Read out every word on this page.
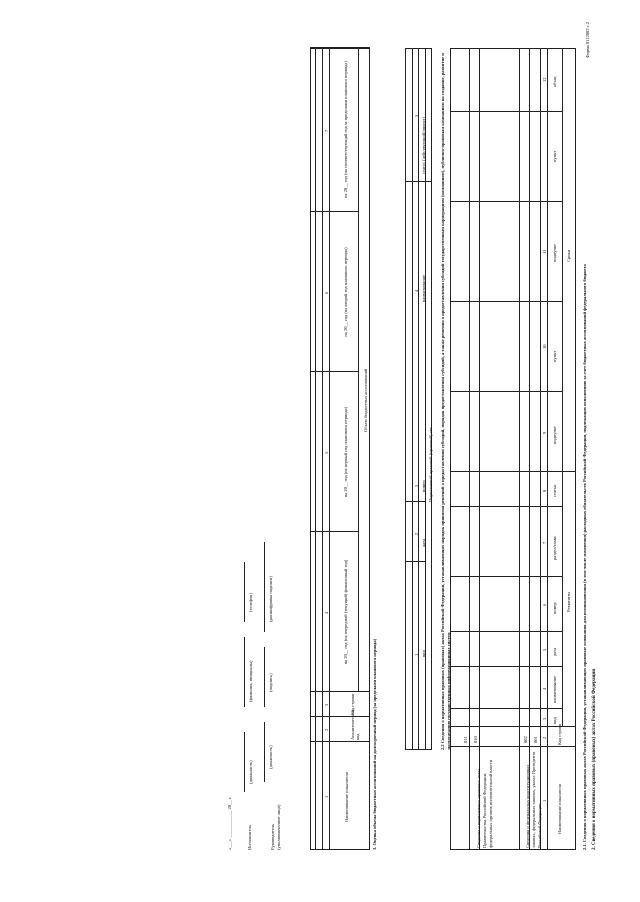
Форма 0112002 с.2
2. Сведения о нормативных правовых (правовых) актах Российской Федерации
2.1. Сведения о нормативных правовых актах Российской Федерации, устанавливающих правовые основания для возникновения (в том числе изменения) расходных обязательств Российской Федерации, подлежащих исполнению за счет бюджетных ассигнований федерального бюджета
Наименование показателя
Код строки
Реквизиты
Сроки
вид
наименование
дата
номер
раздел/глава
статья
подпункт
пункт
подпункт
пункт
абзац
1
2
3
4
5
6
7
8
9
10
11
12
Сведения о федеральных конституционных законах, федеральных законах, указах Президента Российской Федерации
001
002
Сведения о нормативных правовых актах Правительства Российской Федерации, федеральных органов исполнительной власти
010
011
2.2 Сведения о нормативных правовых (правовых) актах Российской Федерации, устанавливающих порядок принятия решений о предоставлении субсидий, порядок предоставления субсидий, а также решения о предоставлении субсидий государственным корпорациям (компаниям), публично-правовым компаниям на создание, развитие и эксплуатацию государственных информационных систем
Нормативный правовой (правовой) акт
вид
дата
номер
наименование
статус (действующий/проект)
1
2
3
4
5
3. Оценка объема бюджетных ассигнований на долгосрочный период (за пределами планового периода)
Наименование показателя
Аналитический код
Код строки
Объем бюджетных ассигнований
на 20__ год (на очередной (текущий) финансовый год)
на 20__ год (на первый год планового периода)
на 20__ год (на второй год планового периода)
на 20__ год (на соответствующий год за пределами планового периода)
1
2
3
4
5
6
7
Руководитель (уполномоченное лицо)
(должность)
(подпись)
(расшифровка подписи)
Исполнитель
(должность)
(фамилия, инициалы)
(телефон)
«___» ____________ 20__ г.
